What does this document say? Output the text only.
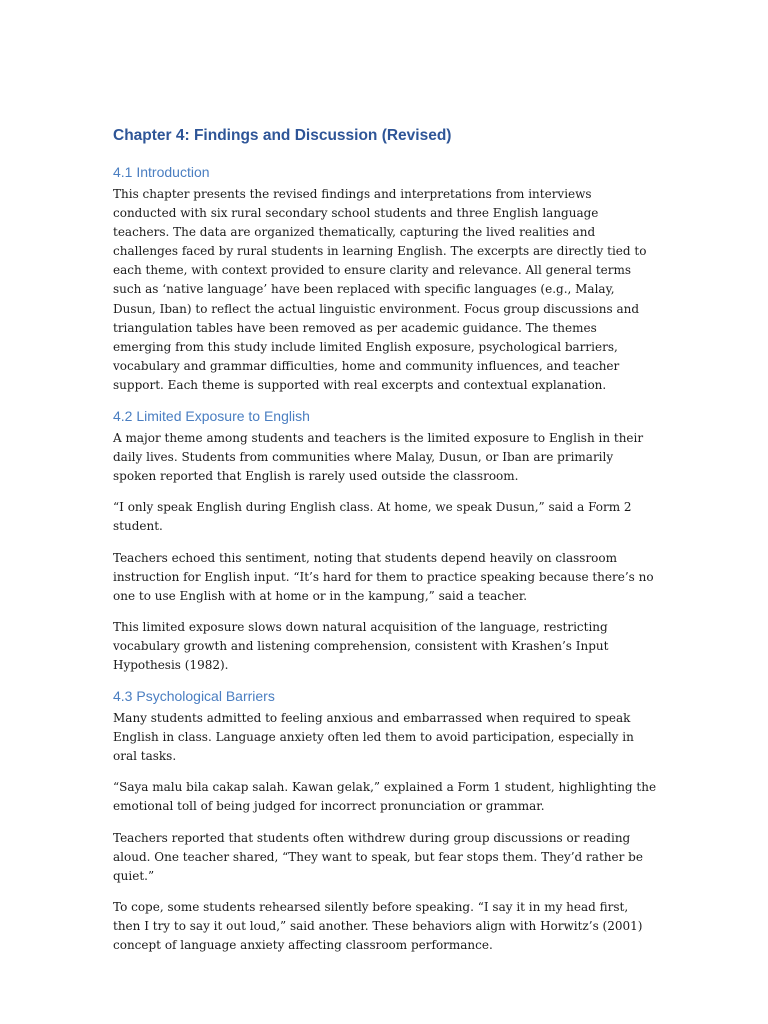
Chapter 4: Findings and Discussion (Revised)
4.1 Introduction

This chapter presents the revised findings and interpretations from interviews conducted with six rural secondary school students and three English language teachers. The data are organized thematically, capturing the lived realities and challenges faced by rural students in learning English. The excerpts are directly tied to each theme, with context provided to ensure clarity and relevance. All general terms such as ‘native language’ have been replaced with specific languages (e.g., Malay, Dusun, Iban) to reflect the actual linguistic environment. Focus group discussions and triangulation tables have been removed as per academic guidance. The themes emerging from this study include limited English exposure, psychological barriers, vocabulary and grammar difficulties, home and community influences, and teacher support. Each theme is supported with real excerpts and contextual explanation.

4.2 Limited Exposure to English

A major theme among students and teachers is the limited exposure to English in their daily lives. Students from communities where Malay, Dusun, or Iban are primarily spoken reported that English is rarely used outside the classroom.

“I only speak English during English class. At home, we speak Dusun,” said a Form 2 student.

Teachers echoed this sentiment, noting that students depend heavily on classroom instruction for English input. “It’s hard for them to practice speaking because there’s no one to use English with at home or in the kampung,” said a teacher.

This limited exposure slows down natural acquisition of the language, restricting vocabulary growth and listening comprehension, consistent with Krashen’s Input Hypothesis (1982).

4.3 Psychological Barriers

Many students admitted to feeling anxious and embarrassed when required to speak English in class. Language anxiety often led them to avoid participation, especially in oral tasks.

“Saya malu bila cakap salah. Kawan gelak,” explained a Form 1 student, highlighting the emotional toll of being judged for incorrect pronunciation or grammar.

Teachers reported that students often withdrew during group discussions or reading aloud. One teacher shared, “They want to speak, but fear stops them. They’d rather be quiet.”

To cope, some students rehearsed silently before speaking. “I say it in my head first, then I try to say it out loud,” said another. These behaviors align with Horwitz’s (2001) concept of language anxiety affecting classroom performance.
